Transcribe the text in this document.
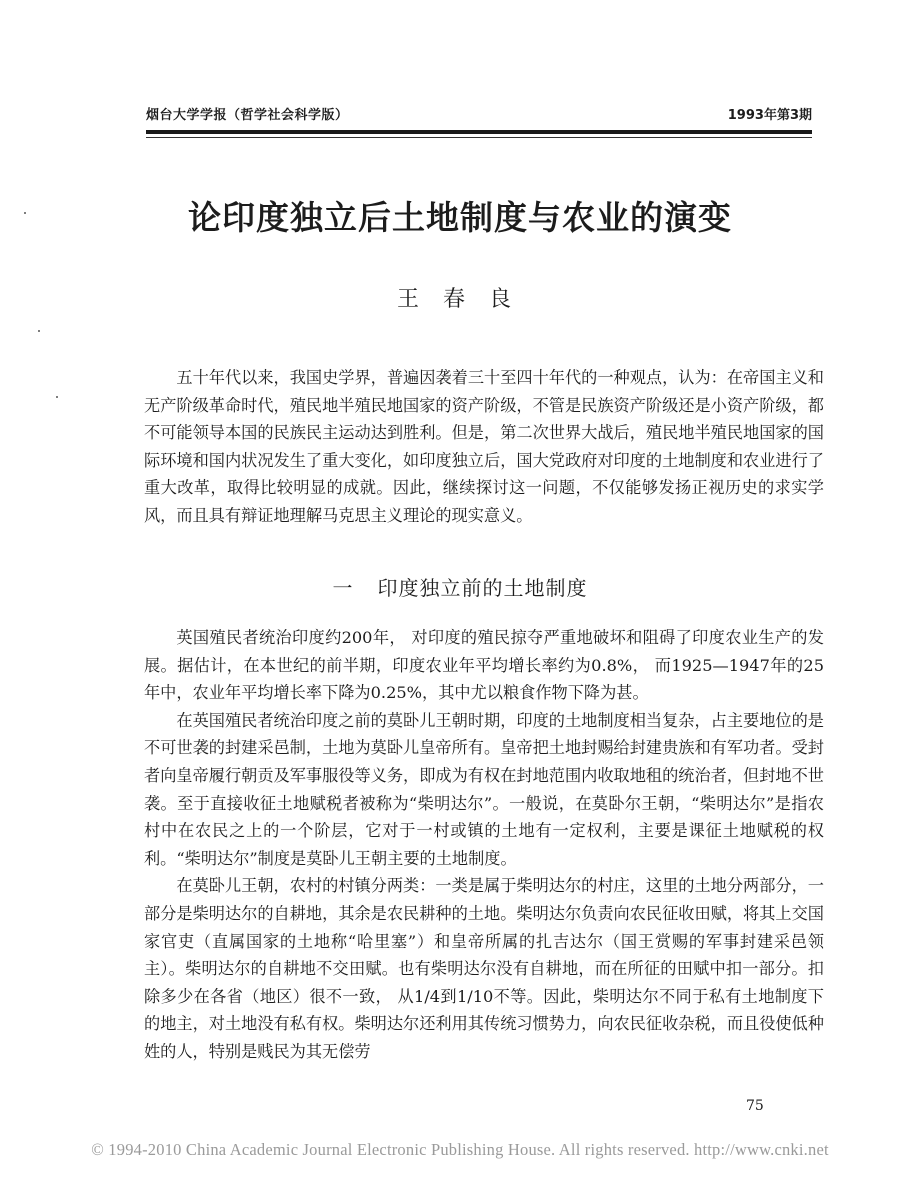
烟台大学学报（哲学社会科学版）	1993年第3期
论印度独立后土地制度与农业的演变
王春良

五十年代以来，我国史学界，普遍因袭着三十至四十年代的一种观点，认为：在帝国主义和无产阶级革命时代，殖民地半殖民地国家的资产阶级，不管是民族资产阶级还是小资产阶级，都不可能领导本国的民族民主运动达到胜利。但是，第二次世界大战后，殖民地半殖民地国家的国际环境和国内状况发生了重大变化，如印度独立后，国大党政府对印度的土地制度和农业进行了重大改革，取得比较明显的成就。因此，继续探讨这一问题，不仅能够发扬正视历史的求实学风，而且具有辩证地理解马克思主义理论的现实意义。

一 印度独立前的土地制度

英国殖民者统治印度约200年， 对印度的殖民掠夺严重地破坏和阻碍了印度农业生产的发展。据估计，在本世纪的前半期，印度农业年平均增长率约为0.8%， 而1925—1947年的25年中，农业年平均增长率下降为0.25%，其中尤以粮食作物下降为甚。

在英国殖民者统治印度之前的莫卧儿王朝时期，印度的土地制度相当复杂，占主要地位的是不可世袭的封建采邑制，土地为莫卧儿皇帝所有。皇帝把土地封赐给封建贵族和有军功者。受封者向皇帝履行朝贡及军事服役等义务，即成为有权在封地范围内收取地租的统治者，但封地不世袭。至于直接收征土地赋税者被称为“柴明达尔”。一般说，在莫卧尔王朝，“柴明达尔”是指农村中在农民之上的一个阶层，它对于一村或镇的土地有一定权利，主要是课征土地赋税的权利。“柴明达尔”制度是莫卧儿王朝主要的土地制度。

在莫卧儿王朝，农村的村镇分两类：一类是属于柴明达尔的村庄，这里的土地分两部分，一部分是柴明达尔的自耕地，其余是农民耕种的土地。柴明达尔负责向农民征收田赋，将其上交国家官吏（直属国家的土地称“哈里塞”）和皇帝所属的扎吉达尔（国王赏赐的军事封建采邑领主）。柴明达尔的自耕地不交田赋。也有柴明达尔没有自耕地，而在所征的田赋中扣一部分。扣除多少在各省（地区）很不一致， 从1/4到1/10不等。因此，柴明达尔不同于私有土地制度下的地主，对土地没有私有权。柴明达尔还利用其传统习惯势力，向农民征收杂税，而且役使低种姓的人，特别是贱民为其无偿劳

75
© 1994-2010 China Academic Journal Electronic Publishing House. All rights reserved. http://www.cnki.net
